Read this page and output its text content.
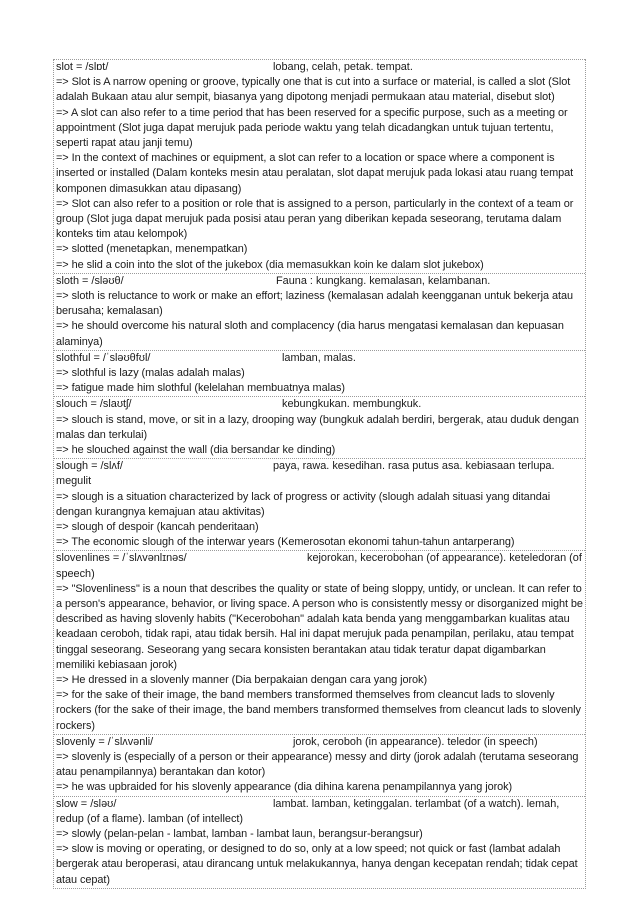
slot = /slɒt/	lobang, celah, petak. tempat.
=> Slot is A narrow opening or groove, typically one that is cut into a surface or material, is called a slot (Slot adalah Bukaan atau alur sempit, biasanya yang dipotong menjadi permukaan atau material, disebut slot)
=> A slot can also refer to a time period that has been reserved for a specific purpose, such as a meeting or appointment (Slot juga dapat merujuk pada periode waktu yang telah dicadangkan untuk tujuan tertentu, seperti rapat atau janji temu)
=> In the context of machines or equipment, a slot can refer to a location or space where a component is inserted or installed (Dalam konteks mesin atau peralatan, slot dapat merujuk pada lokasi atau ruang tempat komponen dimasukkan atau dipasang)
=> Slot can also refer to a position or role that is assigned to a person, particularly in the context of a team or group (Slot juga dapat merujuk pada posisi atau peran yang diberikan kepada seseorang, terutama dalam konteks tim atau kelompok)
=> slotted (menetapkan, menempatkan)
=> he slid a coin into the slot of the jukebox (dia memasukkan koin ke dalam slot jukebox)
sloth = /sləʊθ/	Fauna : kungkang. kemalasan, kelambanan.
=> sloth is reluctance to work or make an effort; laziness (kemalasan adalah keengganan untuk bekerja atau berusaha; kemalasan)
=> he should overcome his natural sloth and complacency (dia harus mengatasi kemalasan dan kepuasan alaminya)
slothful = /ˈsləʊθfʊl/	lamban, malas.
=> slothful is lazy (malas adalah malas)
=> fatigue made him slothful (kelelahan membuatnya malas)
slouch = /slaʊtʃ/	kebungkukan. membungkuk.
=> slouch is stand, move, or sit in a lazy, drooping way (bungkuk adalah berdiri, bergerak, atau duduk dengan malas dan terkulai)
=> he slouched against the wall (dia bersandar ke dinding)
slough = /slʌf/	paya, rawa. kesedihan. rasa putus asa. kebiasaan terlupa.
megulit
=> slough is a situation characterized by lack of progress or activity (slough adalah situasi yang ditandai dengan kurangnya kemajuan atau aktivitas)
=> slough of despoir (kancah penderitaan)
=> The economic slough of the interwar years (Kemerosotan ekonomi tahun-tahun antarperang)
slovenlines = /ˈslʌvənlɪnəs/	kejorokan, kecerobohan (of appearance). keteledoran (of
speech)
=> "Slovenliness" is a noun that describes the quality or state of being sloppy, untidy, or unclean. It can refer to a person's appearance, behavior, or living space. A person who is consistently messy or disorganized might be described as having slovenly habits ("Kecerobohan" adalah kata benda yang menggambarkan kualitas atau keadaan ceroboh, tidak rapi, atau tidak bersih. Hal ini dapat merujuk pada penampilan, perilaku, atau tempat tinggal seseorang. Seseorang yang secara konsisten berantakan atau tidak teratur dapat digambarkan memiliki kebiasaan jorok)
=> He dressed in a slovenly manner (Dia berpakaian dengan cara yang jorok)
=> for the sake of their image, the band members transformed themselves from cleancut lads to slovenly rockers (for the sake of their image, the band members transformed themselves from cleancut lads to slovenly rockers)
slovenly = /ˈslʌvənli/	jorok, ceroboh (in appearance). teledor (in speech)
=> slovenly is (especially of a person or their appearance) messy and dirty (jorok adalah (terutama seseorang atau penampilannya) berantakan dan kotor)
=> he was upbraided for his slovenly appearance (dia dihina karena penampilannya yang jorok)
slow = /sləʊ/	lambat. lamban, ketinggalan. terlambat (of a watch). lemah,
redup (of a flame). lamban (of intellect)
=> slowly (pelan-pelan - lambat, lamban - lambat laun, berangsur-berangsur)
=> slow is moving or operating, or designed to do so, only at a low speed; not quick or fast (lambat adalah bergerak atau beroperasi, atau dirancang untuk melakukannya, hanya dengan kecepatan rendah; tidak cepat atau cepat)
